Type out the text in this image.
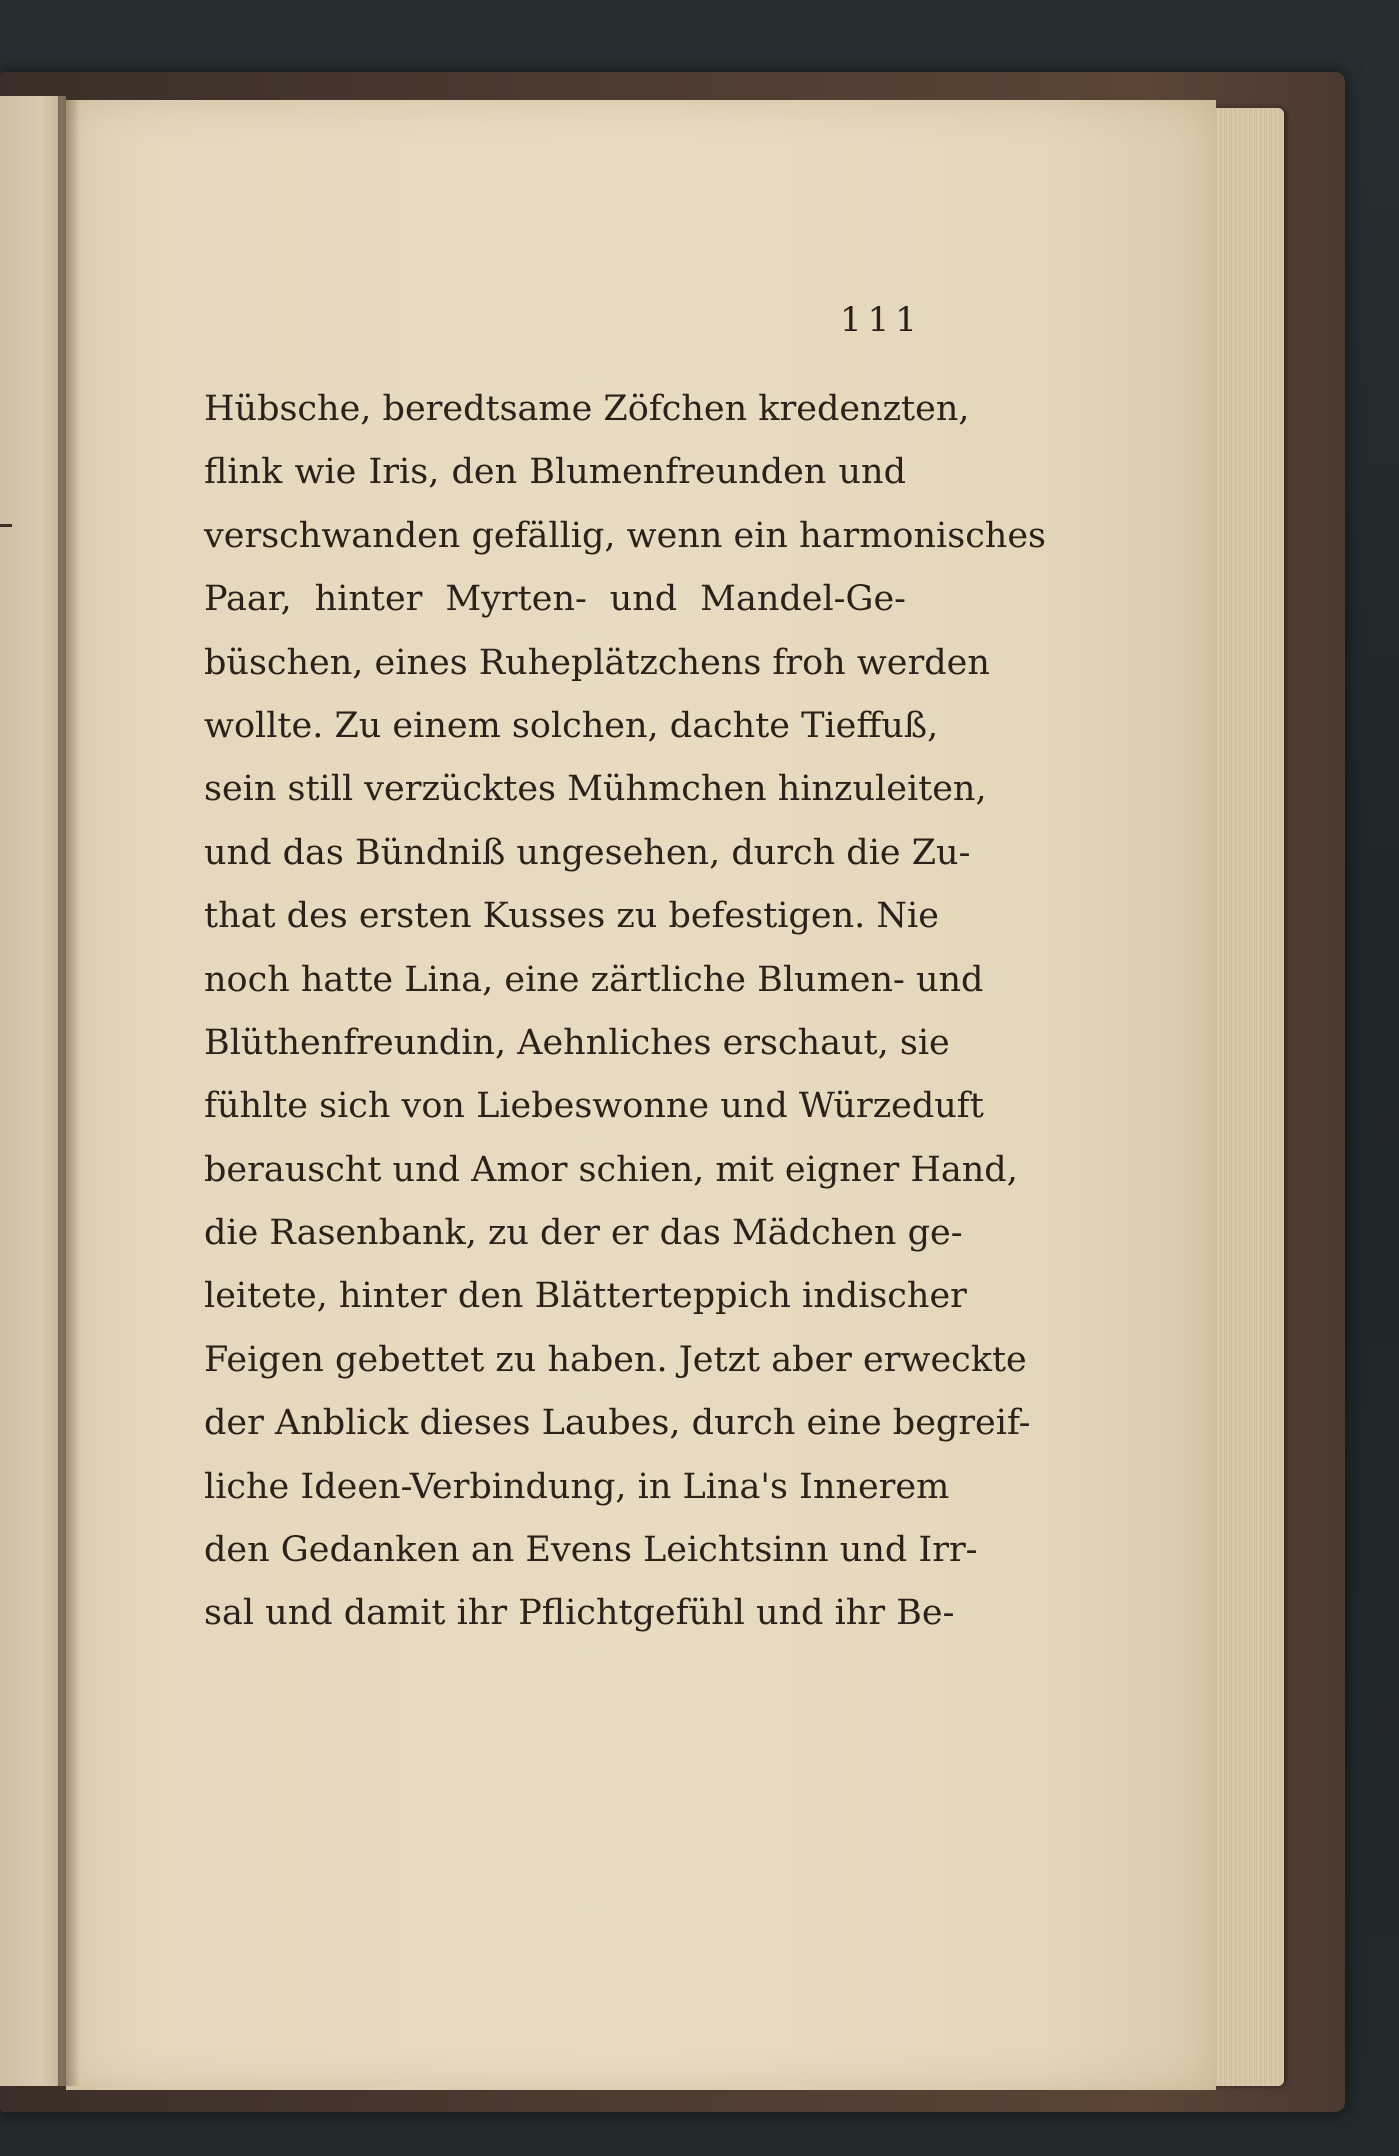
111
Hübsche, beredtsame Zöfchen kredenzten,
flink wie Iris, den Blumenfreunden und
verschwanden gefällig, wenn ein harmonisches
Paar, hinter Myrten- und Mandel-Ge-
büschen, eines Ruheplätzchens froh werden
wollte. Zu einem solchen, dachte Tieffuß,
sein still verzücktes Mühmchen hinzuleiten,
und das Bündniß ungesehen, durch die Zu-
that des ersten Kusses zu befestigen. Nie
noch hatte Lina, eine zärtliche Blumen- und
Blüthenfreundin, Aehnliches erschaut, sie
fühlte sich von Liebeswonne und Würzeduft
berauscht und Amor schien, mit eigner Hand,
die Rasenbank, zu der er das Mädchen ge-
leitete, hinter den Blätterteppich indischer
Feigen gebettet zu haben. Jetzt aber erweckte
der Anblick dieses Laubes, durch eine begreif-
liche Ideen-Verbindung, in Lina's Innerem
den Gedanken an Evens Leichtsinn und Irr-
sal und damit ihr Pflichtgefühl und ihr Be-
